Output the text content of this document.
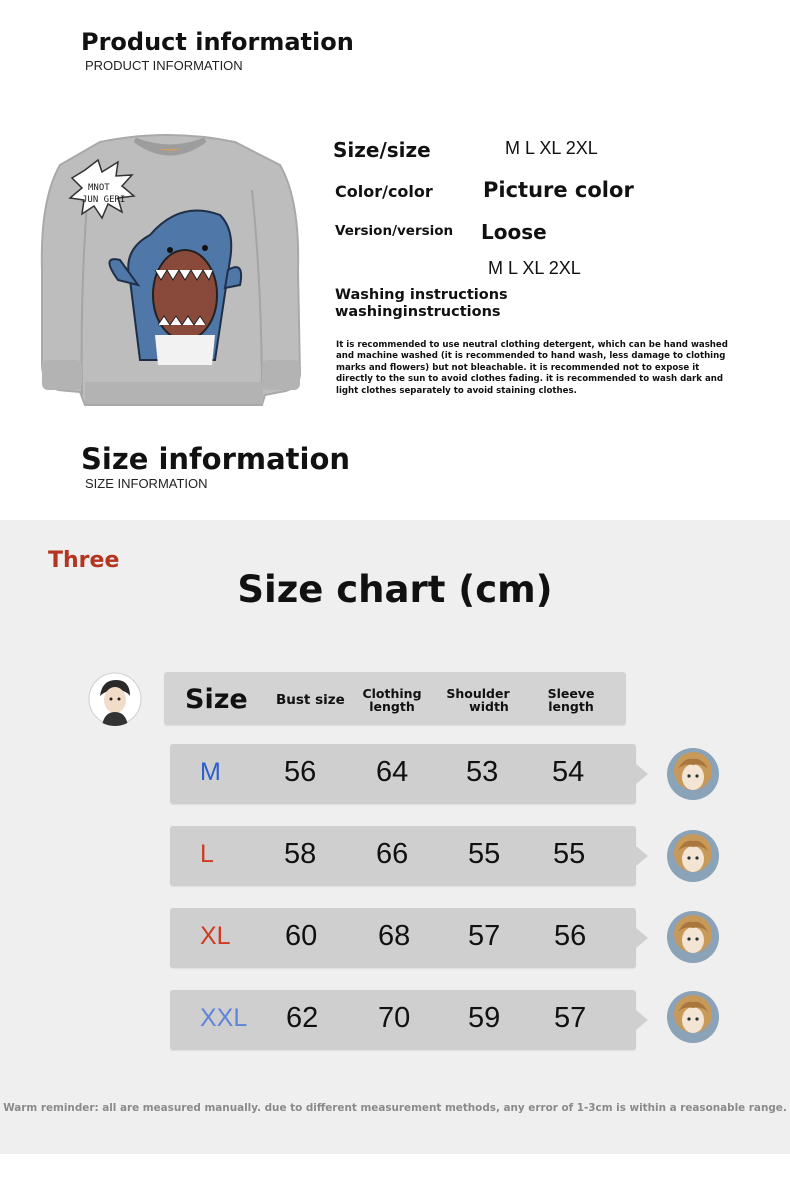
Product information
PRODUCT INFORMATION
MNOT
JUN GERI
Size/size	M L XL 2XL
Color/color Picture color
Version/version Loose
M L XL 2XL
Washing instructions
washinginstructions
It is recommended to use neutral clothing detergent, which can be hand washed and machine washed (it is recommended to hand wash, less damage to clothing marks and flowers) but not bleachable. it is recommended not to expose it directly to the sun to avoid clothes fading. it is recommended to wash dark and light clothes separately to avoid staining clothes.
Size information
SIZE INFORMATION
Three
Size chart (cm)
Size Bust size Clothing
length
Shoulder
width
Sleeve
length
M 56 64 53 54
L 58 66 55 55
XL 60 68 57 56
XXL 62 70 59 57
Warm reminder: all are measured manually. due to different measurement methods, any error of 1-3cm is within a reasonable range.
